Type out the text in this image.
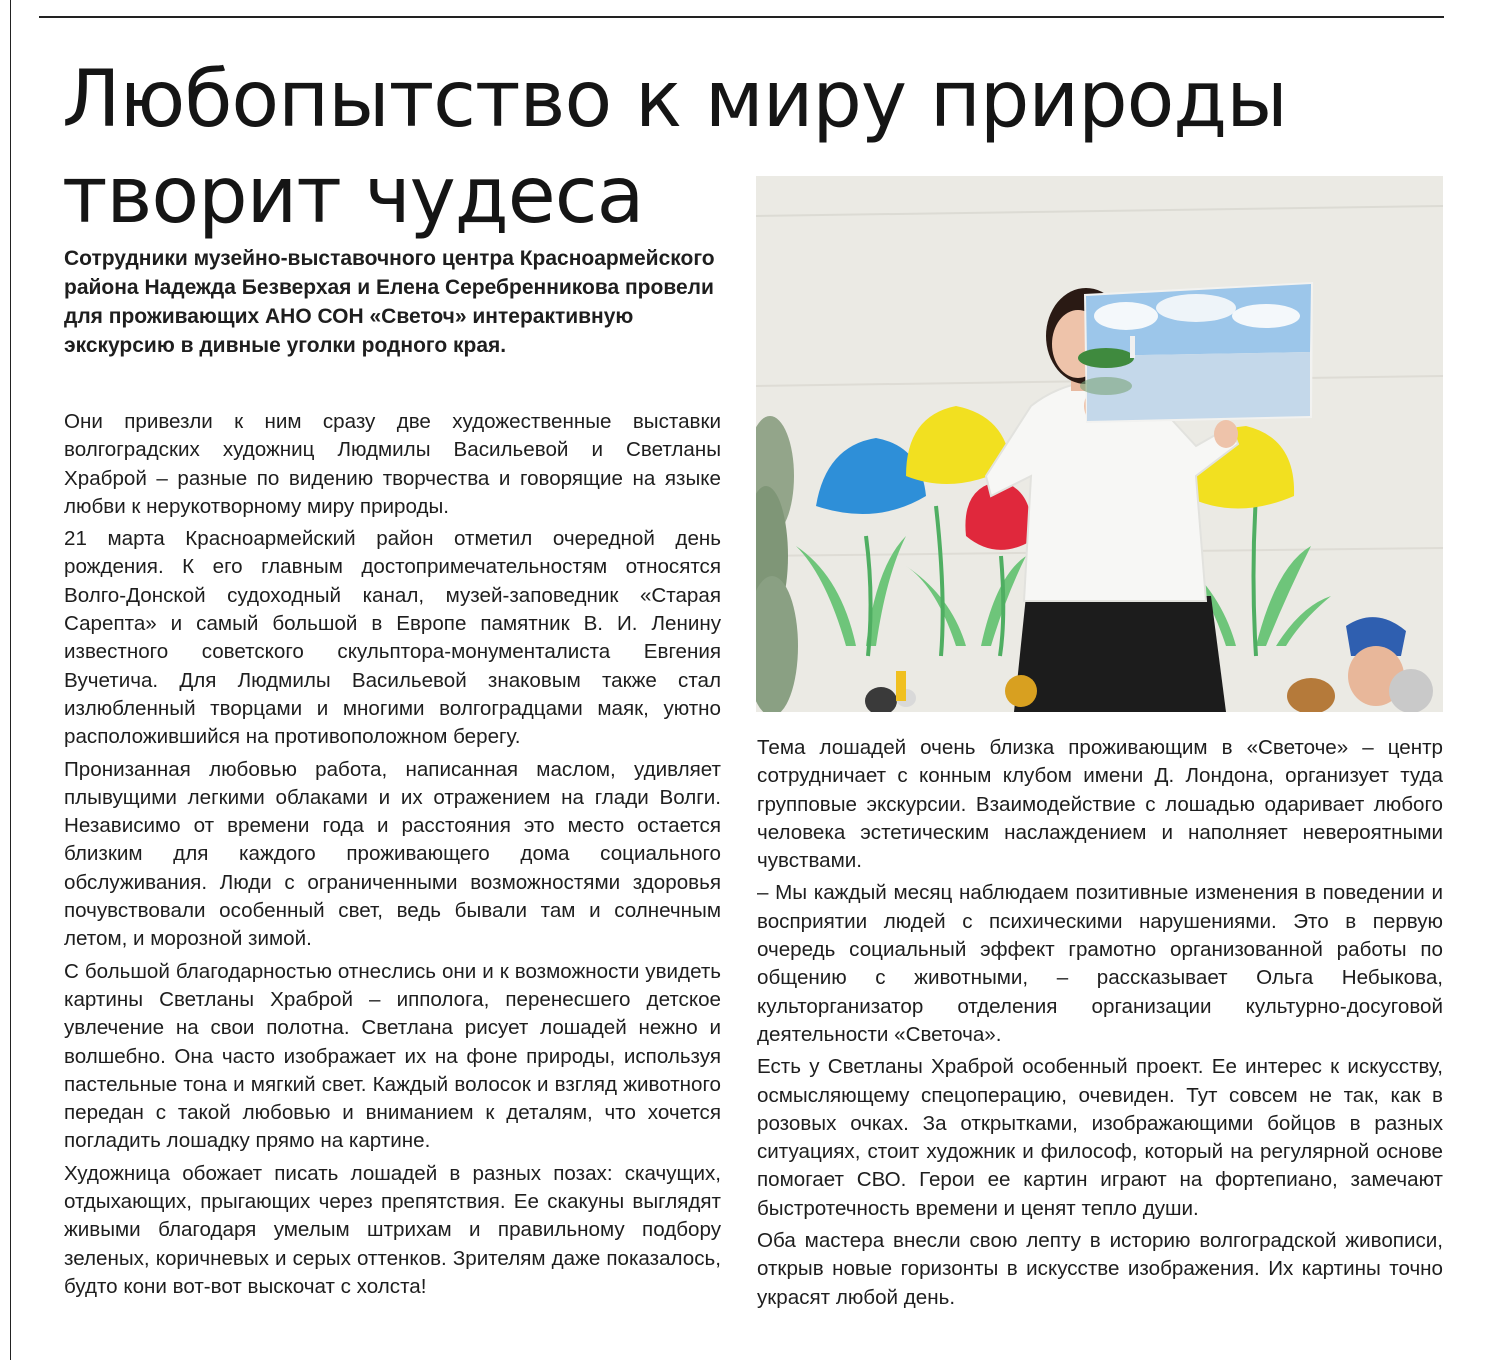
Любопытство к миру природы творит чудеса

Сотрудники музейно-выставочного центра Красноармейского района Надежда Безверхая и Елена Серебренникова провели для проживающих АНО СОН «Светоч» интерактивную экскурсию в дивные уголки родного края.

Они привезли к ним сразу две художественные выставки волгоградских художниц Людмилы Васильевой и Светланы Храброй – разные по видению творчества и говорящие на языке любви к нерукотворному миру природы.

21 марта Красноармейский район отметил очередной день рождения. К его главным достопримечательностям относятся Волго-Донской судоходный канал, музей-заповедник «Старая Сарепта» и самый большой в Европе памятник В. И. Ленину известного советского скульптора-монументалиста Евгения Вучетича. Для Людмилы Васильевой знаковым также стал излюбленный творцами и многими волгоградцами маяк, уютно расположившийся на противоположном берегу.

Пронизанная любовью работа, написанная маслом, удивляет плывущими легкими облаками и их отражением на глади Волги. Независимо от времени года и расстояния это место остается близким для каждого проживающего дома социального обслуживания. Люди с ограниченными возможностями здоровья почувствовали особенный свет, ведь бывали там и солнечным летом, и морозной зимой.

С большой благодарностью отнеслись они и к возможности увидеть картины Светланы Храброй – ипполога, перенесшего детское увлечение на свои полотна. Светлана рисует лошадей нежно и волшебно. Она часто изображает их на фоне природы, используя пастельные тона и мягкий свет. Каждый волосок и взгляд животного передан с такой любовью и вниманием к деталям, что хочется погладить лошадку прямо на картине.

Художница обожает писать лошадей в разных позах: скачущих, отдыхающих, прыгающих через препятствия. Ее скакуны выглядят живыми благодаря умелым штрихам и правильному подбору зеленых, коричневых и серых оттенков. Зрителям даже показалось, будто кони вот-вот выскочат с холста!

Тема лошадей очень близка проживающим в «Светоче» – центр сотрудничает с конным клубом имени Д. Лондона, организует туда групповые экскурсии. Взаимодействие с лошадью одаривает любого человека эстетическим наслаждением и наполняет невероятными чувствами.

– Мы каждый месяц наблюдаем позитивные изменения в поведении и восприятии людей с психическими нарушениями. Это в первую очередь социальный эффект грамотно организованной работы по общению с животными, – рассказывает Ольга Небыкова, культорганизатор отделения организации культурно-досуговой деятельности «Светоча».

Есть у Светланы Храброй особенный проект. Ее интерес к искусству, осмысляющему спецоперацию, очевиден. Тут совсем не так, как в розовых очках. За открытками, изображающими бойцов в разных ситуациях, стоит художник и философ, который на регулярной основе помогает СВО. Герои ее картин играют на фортепиано, замечают быстротечность времени и ценят тепло души.

Оба мастера внесли свою лепту в историю волгоградской живописи, открыв новые горизонты в искусстве изображения. Их картины точно украсят любой день.
